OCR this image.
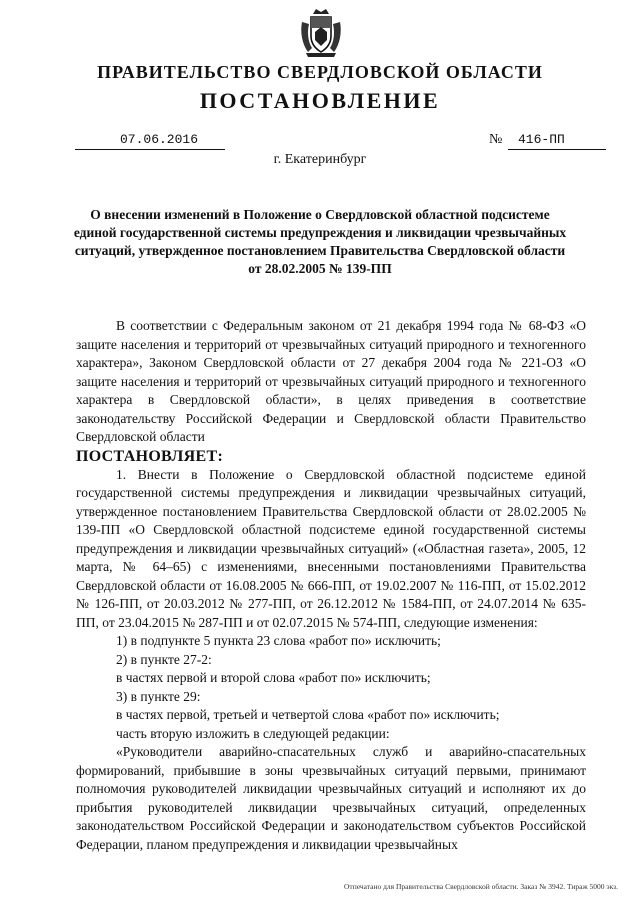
ПРАВИТЕЛЬСТВО СВЕРДЛОВСКОЙ ОБЛАСТИ
ПОСТАНОВЛЕНИЕ
07.06.2016	№ 416-ПП
г. Екатеринбург
О внесении изменений в Положение о Свердловской областной подсистеме единой государственной системы предупреждения и ликвидации чрезвычайных ситуаций, утвержденное постановлением Правительства Свердловской области от 28.02.2005 № 139-ПП

В соответствии с Федеральным законом от 21 декабря 1994 года № 68-ФЗ «О защите населения и территорий от чрезвычайных ситуаций природного и техногенного характера», Законом Свердловской области от 27 декабря 2004 года № 221-ОЗ «О защите населения и территорий от чрезвычайных ситуаций природного и техногенного характера в Свердловской области», в целях приведения в соответствие законодательству Российской Федерации и Свердловской области Правительство Свердловской области

ПОСТАНОВЛЯЕТ:

1. Внести в Положение о Свердловской областной подсистеме единой государственной системы предупреждения и ликвидации чрезвычайных ситуаций, утвержденное постановлением Правительства Свердловской области от 28.02.2005 № 139-ПП «О Свердловской областной подсистеме единой государственной системы предупреждения и ликвидации чрезвычайных ситуаций» («Областная газета», 2005, 12 марта, № 64–65) с изменениями, внесенными постановлениями Правительства Свердловской области от 16.08.2005 № 666-ПП, от 19.02.2007 № 116-ПП, от 15.02.2012 № 126-ПП, от 20.03.2012 № 277-ПП, от 26.12.2012 № 1584-ПП, от 24.07.2014 № 635-ПП, от 23.04.2015 № 287-ПП и от 02.07.2015 № 574-ПП, следующие изменения:

1) в подпункте 5 пункта 23 слова «работ по» исключить;

2) в пункте 27-2:

в частях первой и второй слова «работ по» исключить;

3) в пункте 29:

в частях первой, третьей и четвертой слова «работ по» исключить;

часть вторую изложить в следующей редакции:

«Руководители аварийно-спасательных служб и аварийно-спасательных формирований, прибывшие в зоны чрезвычайных ситуаций первыми, принимают полномочия руководителей ликвидации чрезвычайных ситуаций и исполняют их до прибытия руководителей ликвидации чрезвычайных ситуаций, определенных законодательством Российской Федерации и законодательством субъектов Российской Федерации, планом предупреждения и ликвидации чрезвычайных

Отпечатано для Правительства Свердловской области. Заказ № 3942. Тираж 5000 экз.
